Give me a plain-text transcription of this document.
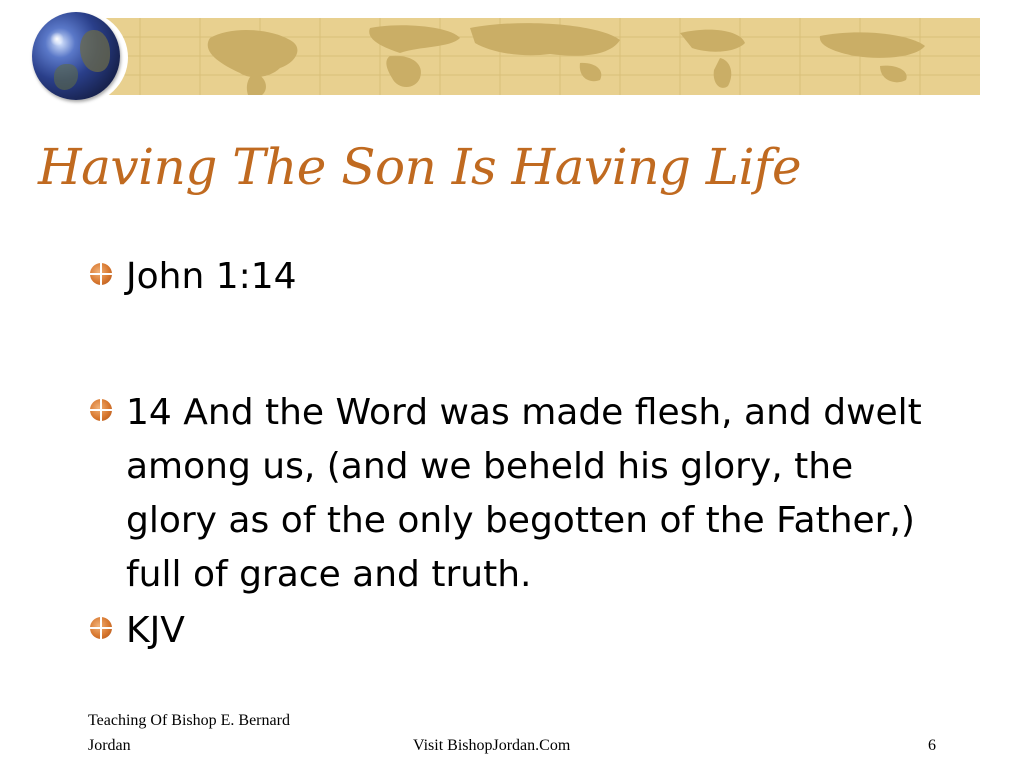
Having The Son Is Having Life
John 1:14
14 And the Word was made flesh, and dwelt among us, (and we beheld his glory, the glory as of the only begotten of the Father,) full of grace and truth.
KJV
Teaching Of Bishop E. Bernard Jordan	Visit BishopJordan.Com	6
